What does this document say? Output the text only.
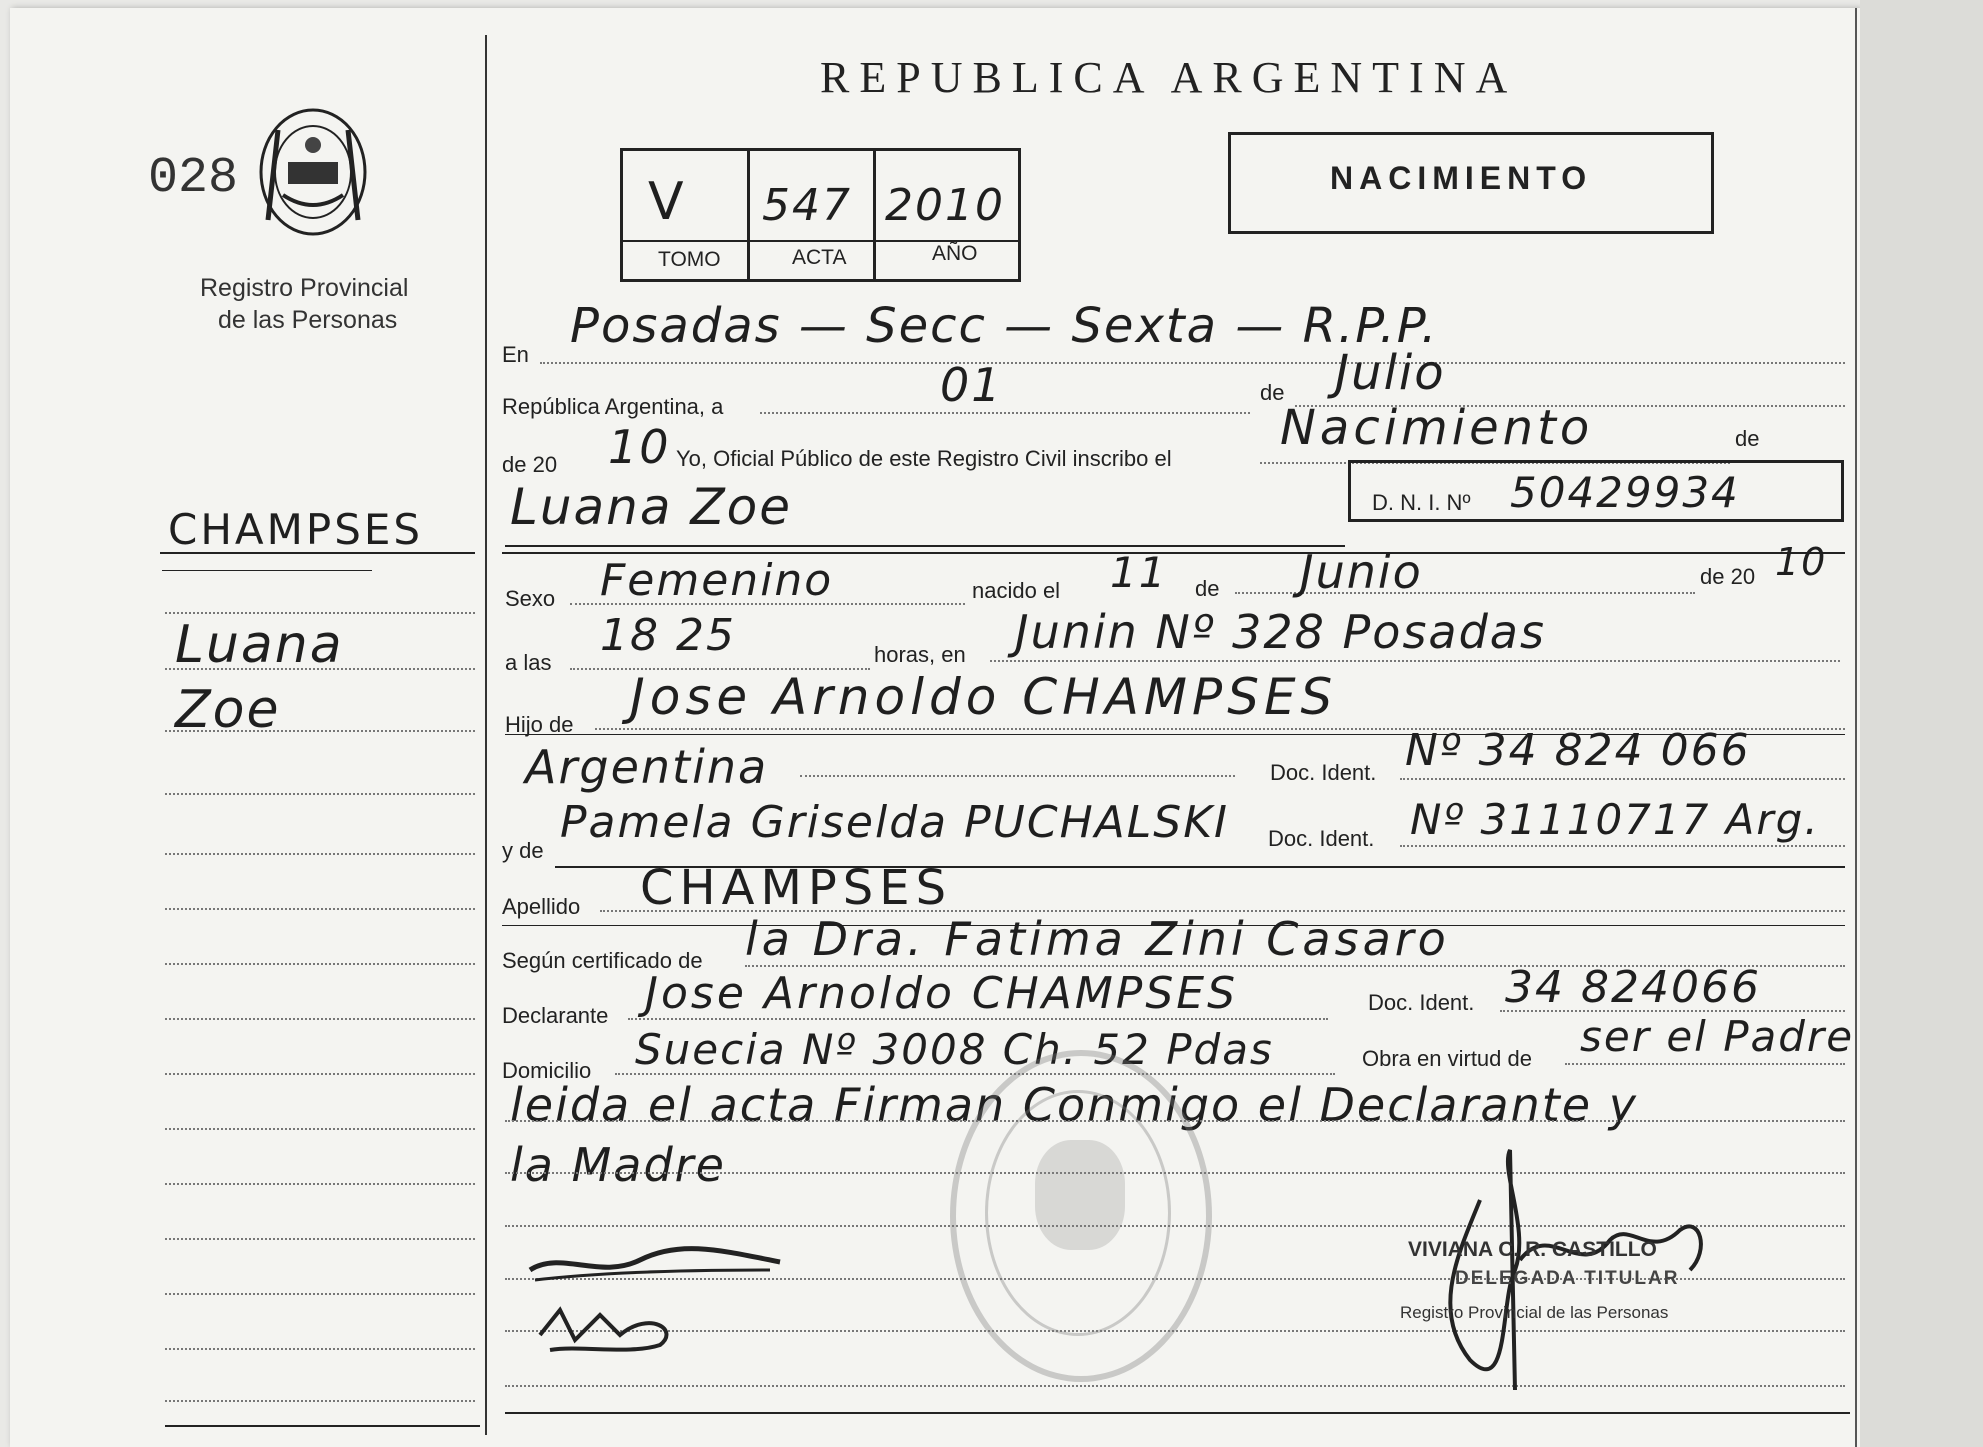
028
Registro Provincial
de las Personas
CHAMPSES
Luana
Zoe
REPUBLICA ARGENTINA
V 547 2010
TOMO	ACTA	AÑO
NACIMIENTO
En
Posadas — Secc — Sexta — R.P.P.
República Argentina, a	01	de Julio
de 20 10 Yo, Oficial Público de este Registro Civil inscribo el
Nacimiento	de
Luana Zoe	D. N. I. Nº 50429934
Sexo Femenino	nacido el 11 de Junio	de 20 10
a las
18 25	horas, en Junin Nº 328 Posadas
Hijo de Jose Arnoldo CHAMPSES
Argentina	Doc. Ident. Nº 34 824 066
y de
Pamela Griselda PUCHALSKI Doc. Ident. Nº 31110717 Arg.
Apellido CHAMPSES
Según certificado de la Dra. Fatima Zini Casaro
Declarante Jose Arnoldo CHAMPSES	Doc. Ident. 34 824066
Domicilio Suecia Nº 3008 Ch. 52 Pdas	Obra en virtud de ser el Padre
leida el acta Firman Conmigo el Declarante y
la Madre
VIVIANA C. R. CASTILLO
DELEGADA TITULAR
Registro Provincial de las Personas
